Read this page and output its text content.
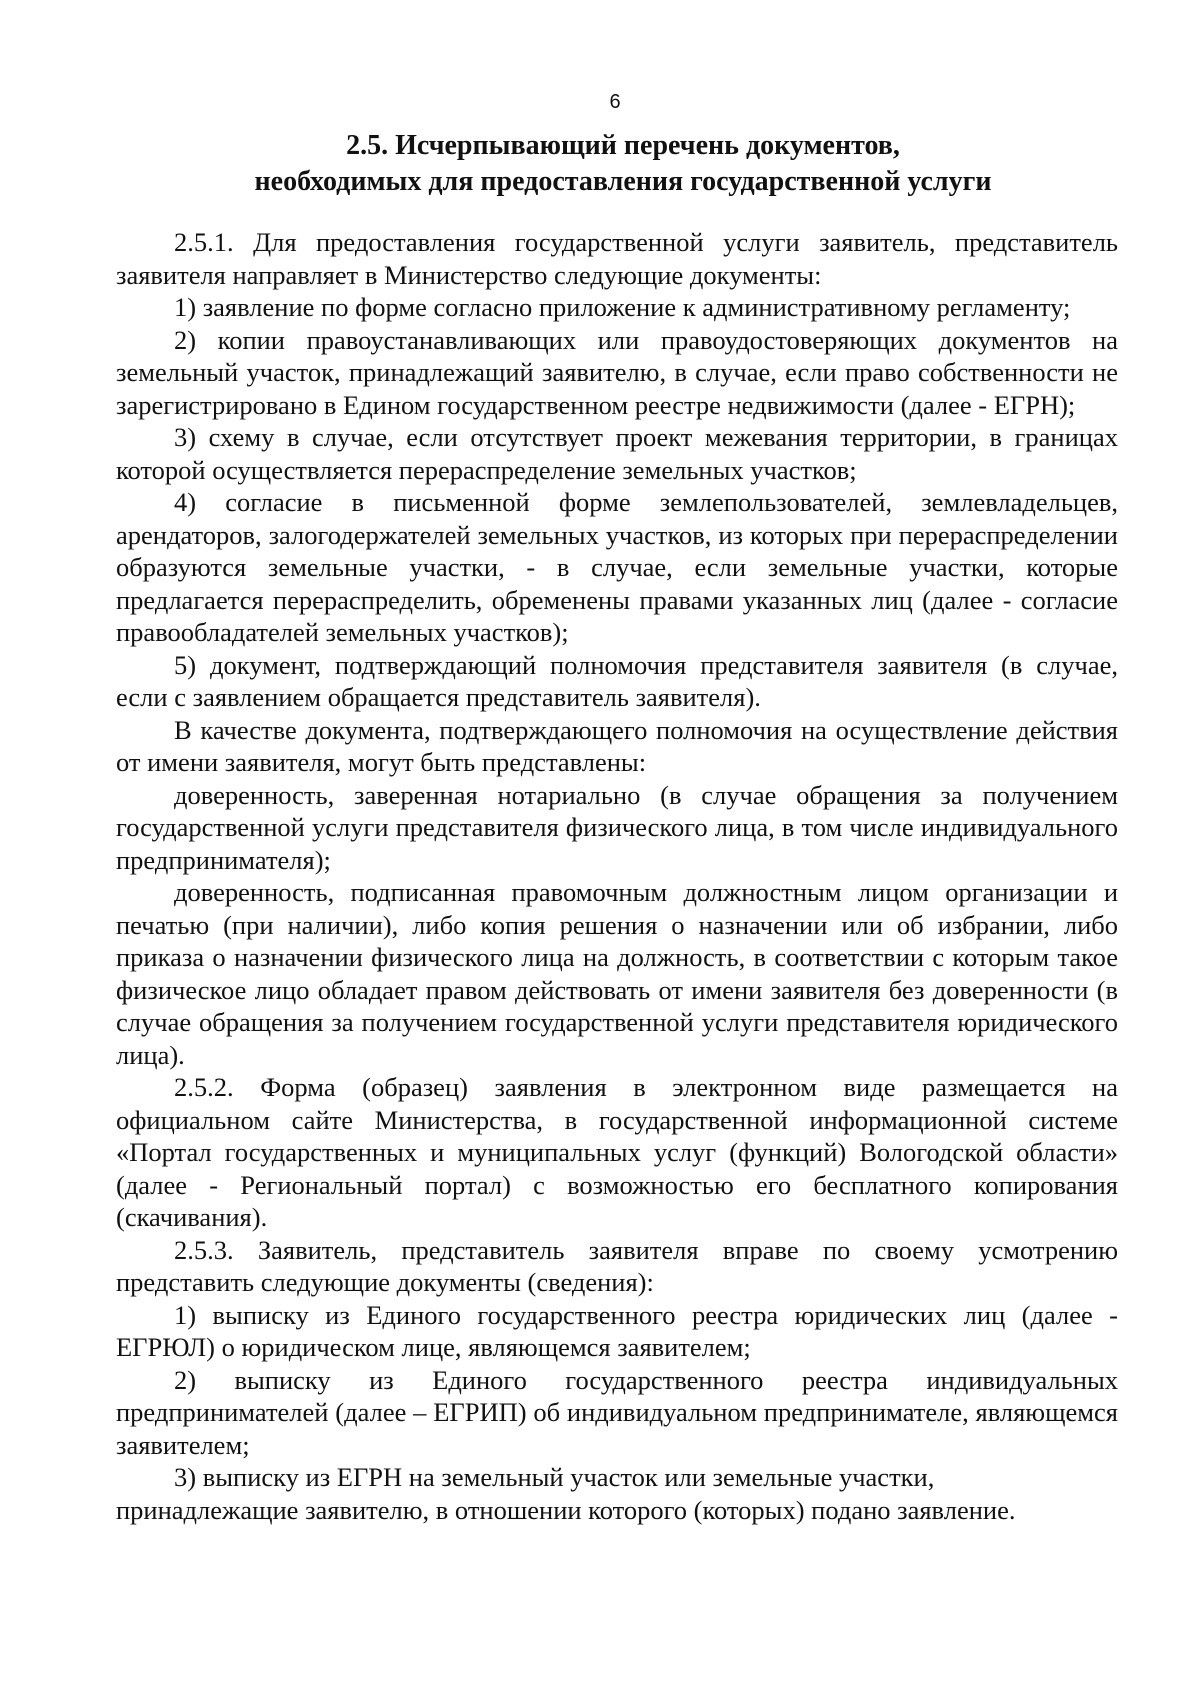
6
2.5. Исчерпывающий перечень документов,
необходимых для предоставления государственной услуги

2.5.1. Для предоставления государственной услуги заявитель, представитель заявителя направляет в Министерство следующие документы:

1) заявление по форме согласно приложение к административному регламенту;

2) копии правоустанавливающих или правоудостоверяющих документов на земельный участок, принадлежащий заявителю, в случае, если право собственности не зарегистрировано в Едином государственном реестре недвижимости (далее - ЕГРН);

3) схему в случае, если отсутствует проект межевания территории, в границах которой осуществляется перераспределение земельных участков;

4) согласие в письменной форме землепользователей, землевладельцев, арендаторов, залогодержателей земельных участков, из которых при перераспределении образуются земельные участки, - в случае, если земельные участки, которые предлагается перераспределить, обременены правами указанных лиц (далее - согласие правообладателей земельных участков);

5) документ, подтверждающий полномочия представителя заявителя (в случае, если с заявлением обращается представитель заявителя).

В качестве документа, подтверждающего полномочия на осуществление действия от имени заявителя, могут быть представлены:

доверенность, заверенная нотариально (в случае обращения за получением государственной услуги представителя физического лица, в том числе индивидуального предпринимателя);

доверенность, подписанная правомочным должностным лицом организации и печатью (при наличии), либо копия решения о назначении или об избрании, либо приказа о назначении физического лица на должность, в соответствии с которым такое физическое лицо обладает правом действовать от имени заявителя без доверенности (в случае обращения за получением государственной услуги представителя юридического лица).

2.5.2. Форма (образец) заявления в электронном виде размещается на официальном сайте Министерства, в государственной информационной системе «Портал государственных и муниципальных услуг (функций) Вологодской области» (далее - Региональный портал) с возможностью его бесплатного копирования (скачивания).

2.5.3. Заявитель, представитель заявителя вправе по своему усмотрению представить следующие документы (сведения):

1) выписку из Единого государственного реестра юридических лиц (далее - ЕГРЮЛ) о юридическом лице, являющемся заявителем;

2) выписку из Единого государственного реестра индивидуальных предпринимателей (далее – ЕГРИП) об индивидуальном предпринимателе, являющемся заявителем;

3) выписку из ЕГРН на земельный участок или земельные участки, принадлежащие заявителю, в отношении которого (которых) подано заявление.
